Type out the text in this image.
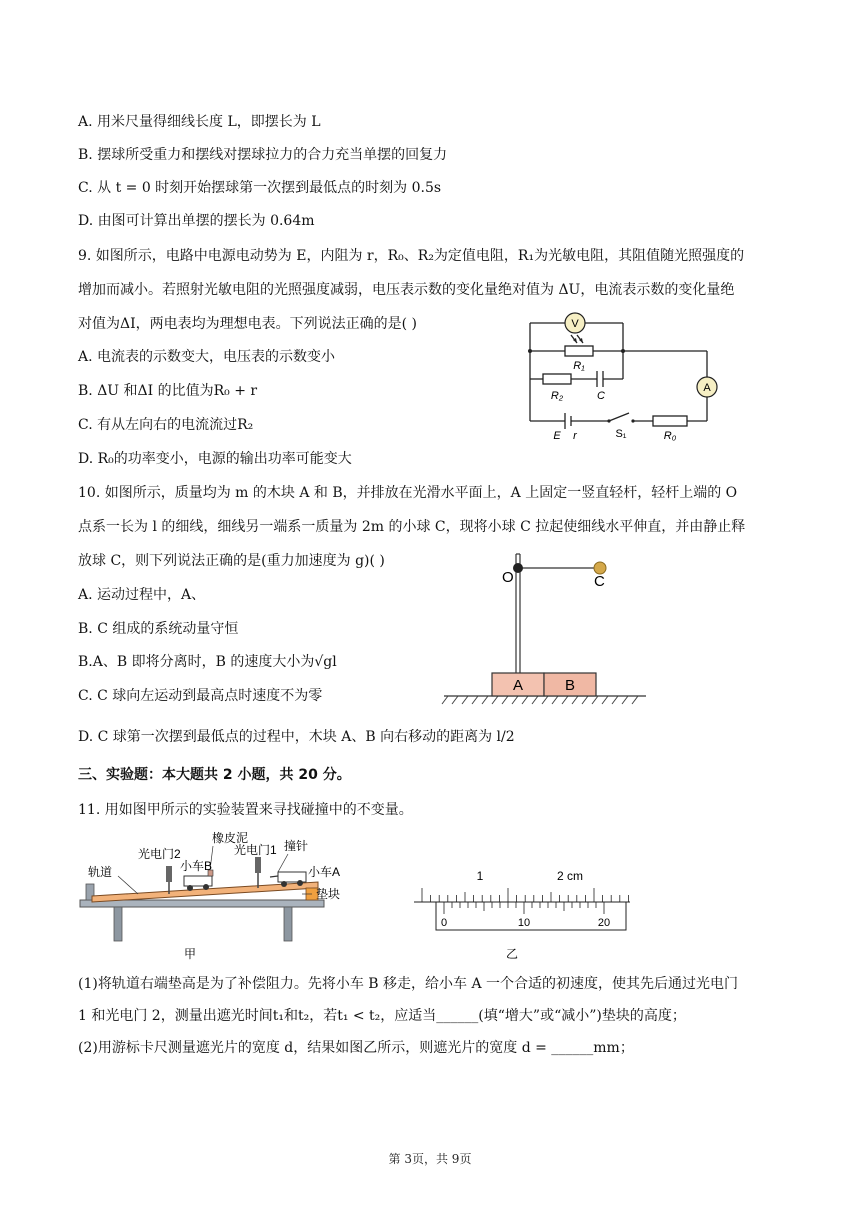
A. 用米尺量得细线长度 L，即摆长为 L
B. 摆球所受重力和摆线对摆球拉力的合力充当单摆的回复力
C. 从 t = 0 时刻开始摆球第一次摆到最低点的时刻为 0.5s
D. 由图可计算出单摆的摆长为 0.64m
9. 如图所示，电路中电源电动势为 E，内阻为 r，R₀、R₂为定值电阻，R₁为光敏电阻，其阻值随光照强度的
增加而减小。若照射光敏电阻的光照强度减弱，电压表示数的变化量绝对值为 ΔU，电流表示数的变化量绝
对值为ΔI，两电表均为理想电表。下列说法正确的是( )
A. 电流表的示数变大，电压表的示数变小
B. ΔU 和ΔI 的比值为R₀ + r
C. 有从左向右的电流流过R₂
D. R₀的功率变小，电源的输出功率可能变大
V
A
R₁
R₂	C
E r	S₁	R₀
10. 如图所示，质量均为 m 的木块 A 和 B，并排放在光滑水平面上，A 上固定一竖直轻杆，轻杆上端的 O
点系一长为 l 的细线，细线另一端系一质量为 2m 的小球 C，现将小球 C 拉起使细线水平伸直，并由静止释
放球 C，则下列说法正确的是(重力加速度为 g)( )
A. 运动过程中，A、
B. C 组成的系统动量守恒
B.A、B 即将分离时，B 的速度大小为√gl
C. C 球向左运动到最高点时速度不为零
D. C 球第一次摆到最低点的过程中，木块 A、B 向右移动的距离为 l/2
O	C
A	B
三、实验题：本大题共 2 小题，共 20 分。
11. 用如图甲所示的实验装置来寻找碰撞中的不变量。
橡皮泥
光电门2	光电门1 撞针
轨道	小车B	小车A
垫块
甲
1	2 cm
0	10	20
乙
(1)将轨道右端垫高是为了补偿阻力。先将小车 B 移走，给小车 A 一个合适的初速度，使其先后通过光电门
1 和光电门 2，测量出遮光时间t₁和t₂，若t₁ < t₂，应适当______(填“增大”或“减小”)垫块的高度；
(2)用游标卡尺测量遮光片的宽度 d，结果如图乙所示，则遮光片的宽度 d = ______mm；
第 3页，共 9页
